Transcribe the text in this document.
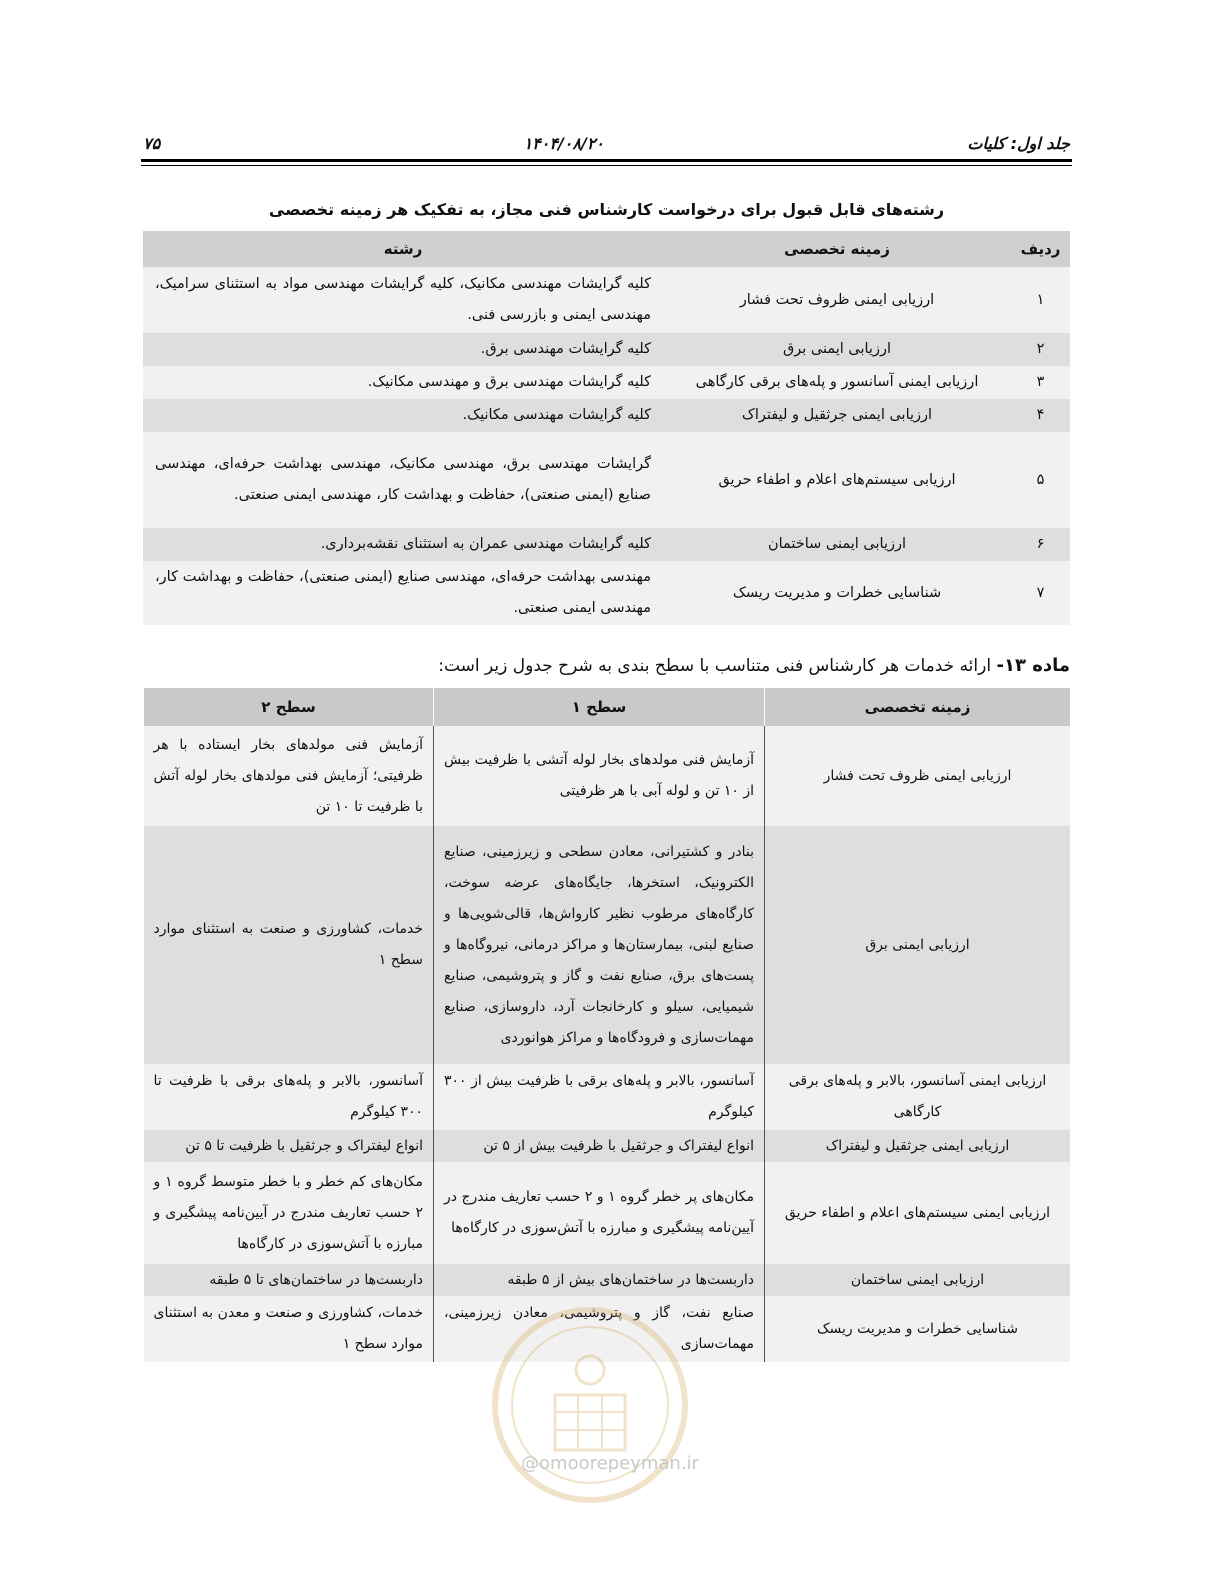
جلد اول: کلیات
۱۴۰۴/۰۸/۲۰
۷۵
رشته‌های قابل قبول برای درخواست کارشناس فنی مجاز، به تفکیک هر زمینه تخصصی
ردیف	زمینه تخصصی	رشته
۱	ارزیابی ایمنی ظروف تحت فشار	کلیه گرایشات مهندسی مکانیک، کلیه گرایشات مهندسی مواد به استثنای سرامیک، مهندسی ایمنی و بازرسی فنی.
۲	ارزیابی ایمنی برق	کلیه گرایشات مهندسی برق.
۳	ارزیابی ایمنی آسانسور و پله‌های برقی کارگاهی	کلیه گرایشات مهندسی برق و مهندسی مکانیک.
۴	ارزیابی ایمنی جرثقیل و لیفتراک	کلیه گرایشات مهندسی مکانیک.
۵	ارزیابی سیستم‌های اعلام و اطفاء حریق	گرایشات مهندسی برق، مهندسی مکانیک، مهندسی بهداشت حرفه‌ای، مهندسی صنایع (ایمنی صنعتی)، حفاظت و بهداشت کار، مهندسی ایمنی صنعتی.
۶	ارزیابی ایمنی ساختمان	کلیه گرایشات مهندسی عمران به استثنای نقشه‌برداری.
۷	شناسایی خطرات و مدیریت ریسک	مهندسی بهداشت حرفه‌ای، مهندسی صنایع (ایمنی صنعتی)، حفاظت و بهداشت کار، مهندسی ایمنی صنعتی.
ماده ۱۳- ارائه خدمات هر کارشناس فنی متناسب با سطح بندی به شرح جدول زیر است:
زمینه تخصصی	سطح ۱	سطح ۲
ارزیابی ایمنی ظروف تحت فشار	آزمایش فنی مولدهای بخار لوله آتشی با ظرفیت بیش از ۱۰ تن و لوله آبی با هر ظرفیتی	آزمایش فنی مولدهای بخار ایستاده با هر ظرفیتی؛ آزمایش فنی مولدهای بخار لوله آتش با ظرفیت تا ۱۰ تن
ارزیابی ایمنی برق	بنادر و کشتیرانی، معادن سطحی و زیرزمینی، صنایع الکترونیک، استخرها، جایگاه‌های عرضه سوخت، کارگاه‌های مرطوب نظیر کارواش‌ها، قالی‌شویی‌ها و صنایع لبنی، بیمارستان‌ها و مراکز درمانی، نیروگاه‌ها و پست‌های برق، صنایع نفت و گاز و پتروشیمی، صنایع شیمیایی، سیلو و کارخانجات آرد، داروسازی، صنایع مهمات‌سازی و فرودگاه‌ها و مراکز هوانوردی	خدمات، کشاورزی و صنعت به استثنای موارد سطح ۱
ارزیابی ایمنی آسانسور، بالابر و پله‌های برقی کارگاهی	آسانسور، بالابر و پله‌های برقی با ظرفیت بیش از ۳۰۰ کیلوگرم	آسانسور، بالابر و پله‌های برقی با ظرفیت تا ۳۰۰ کیلوگرم
ارزیابی ایمنی جرثقیل و لیفتراک	انواع لیفتراک و جرثقیل با ظرفیت بیش از ۵ تن	انواع لیفتراک و جرثقیل با ظرفیت تا ۵ تن
ارزیابی ایمنی سیستم‌های اعلام و اطفاء حریق	مکان‌های پر خطر گروه ۱ و ۲ حسب تعاریف مندرج در آیین‌نامه پیشگیری و مبارزه با آتش‌سوزی در کارگاه‌ها	مکان‌های کم خطر و با خطر متوسط گروه ۱ و ۲ حسب تعاریف مندرج در آیین‌نامه پیشگیری و مبارزه با آتش‌سوزی در کارگاه‌ها
ارزیابی ایمنی ساختمان	داربست‌ها در ساختمان‌های بیش از ۵ طبقه	داربست‌ها در ساختمان‌های تا ۵ طبقه
شناسایی خطرات و مدیریت ریسک	صنایع نفت، گاز و پتروشیمی، معادن زیرزمینی، مهمات‌سازی	خدمات، کشاورزی و صنعت و معدن به استثنای موارد سطح ۱
@omoorepeyman.ir
